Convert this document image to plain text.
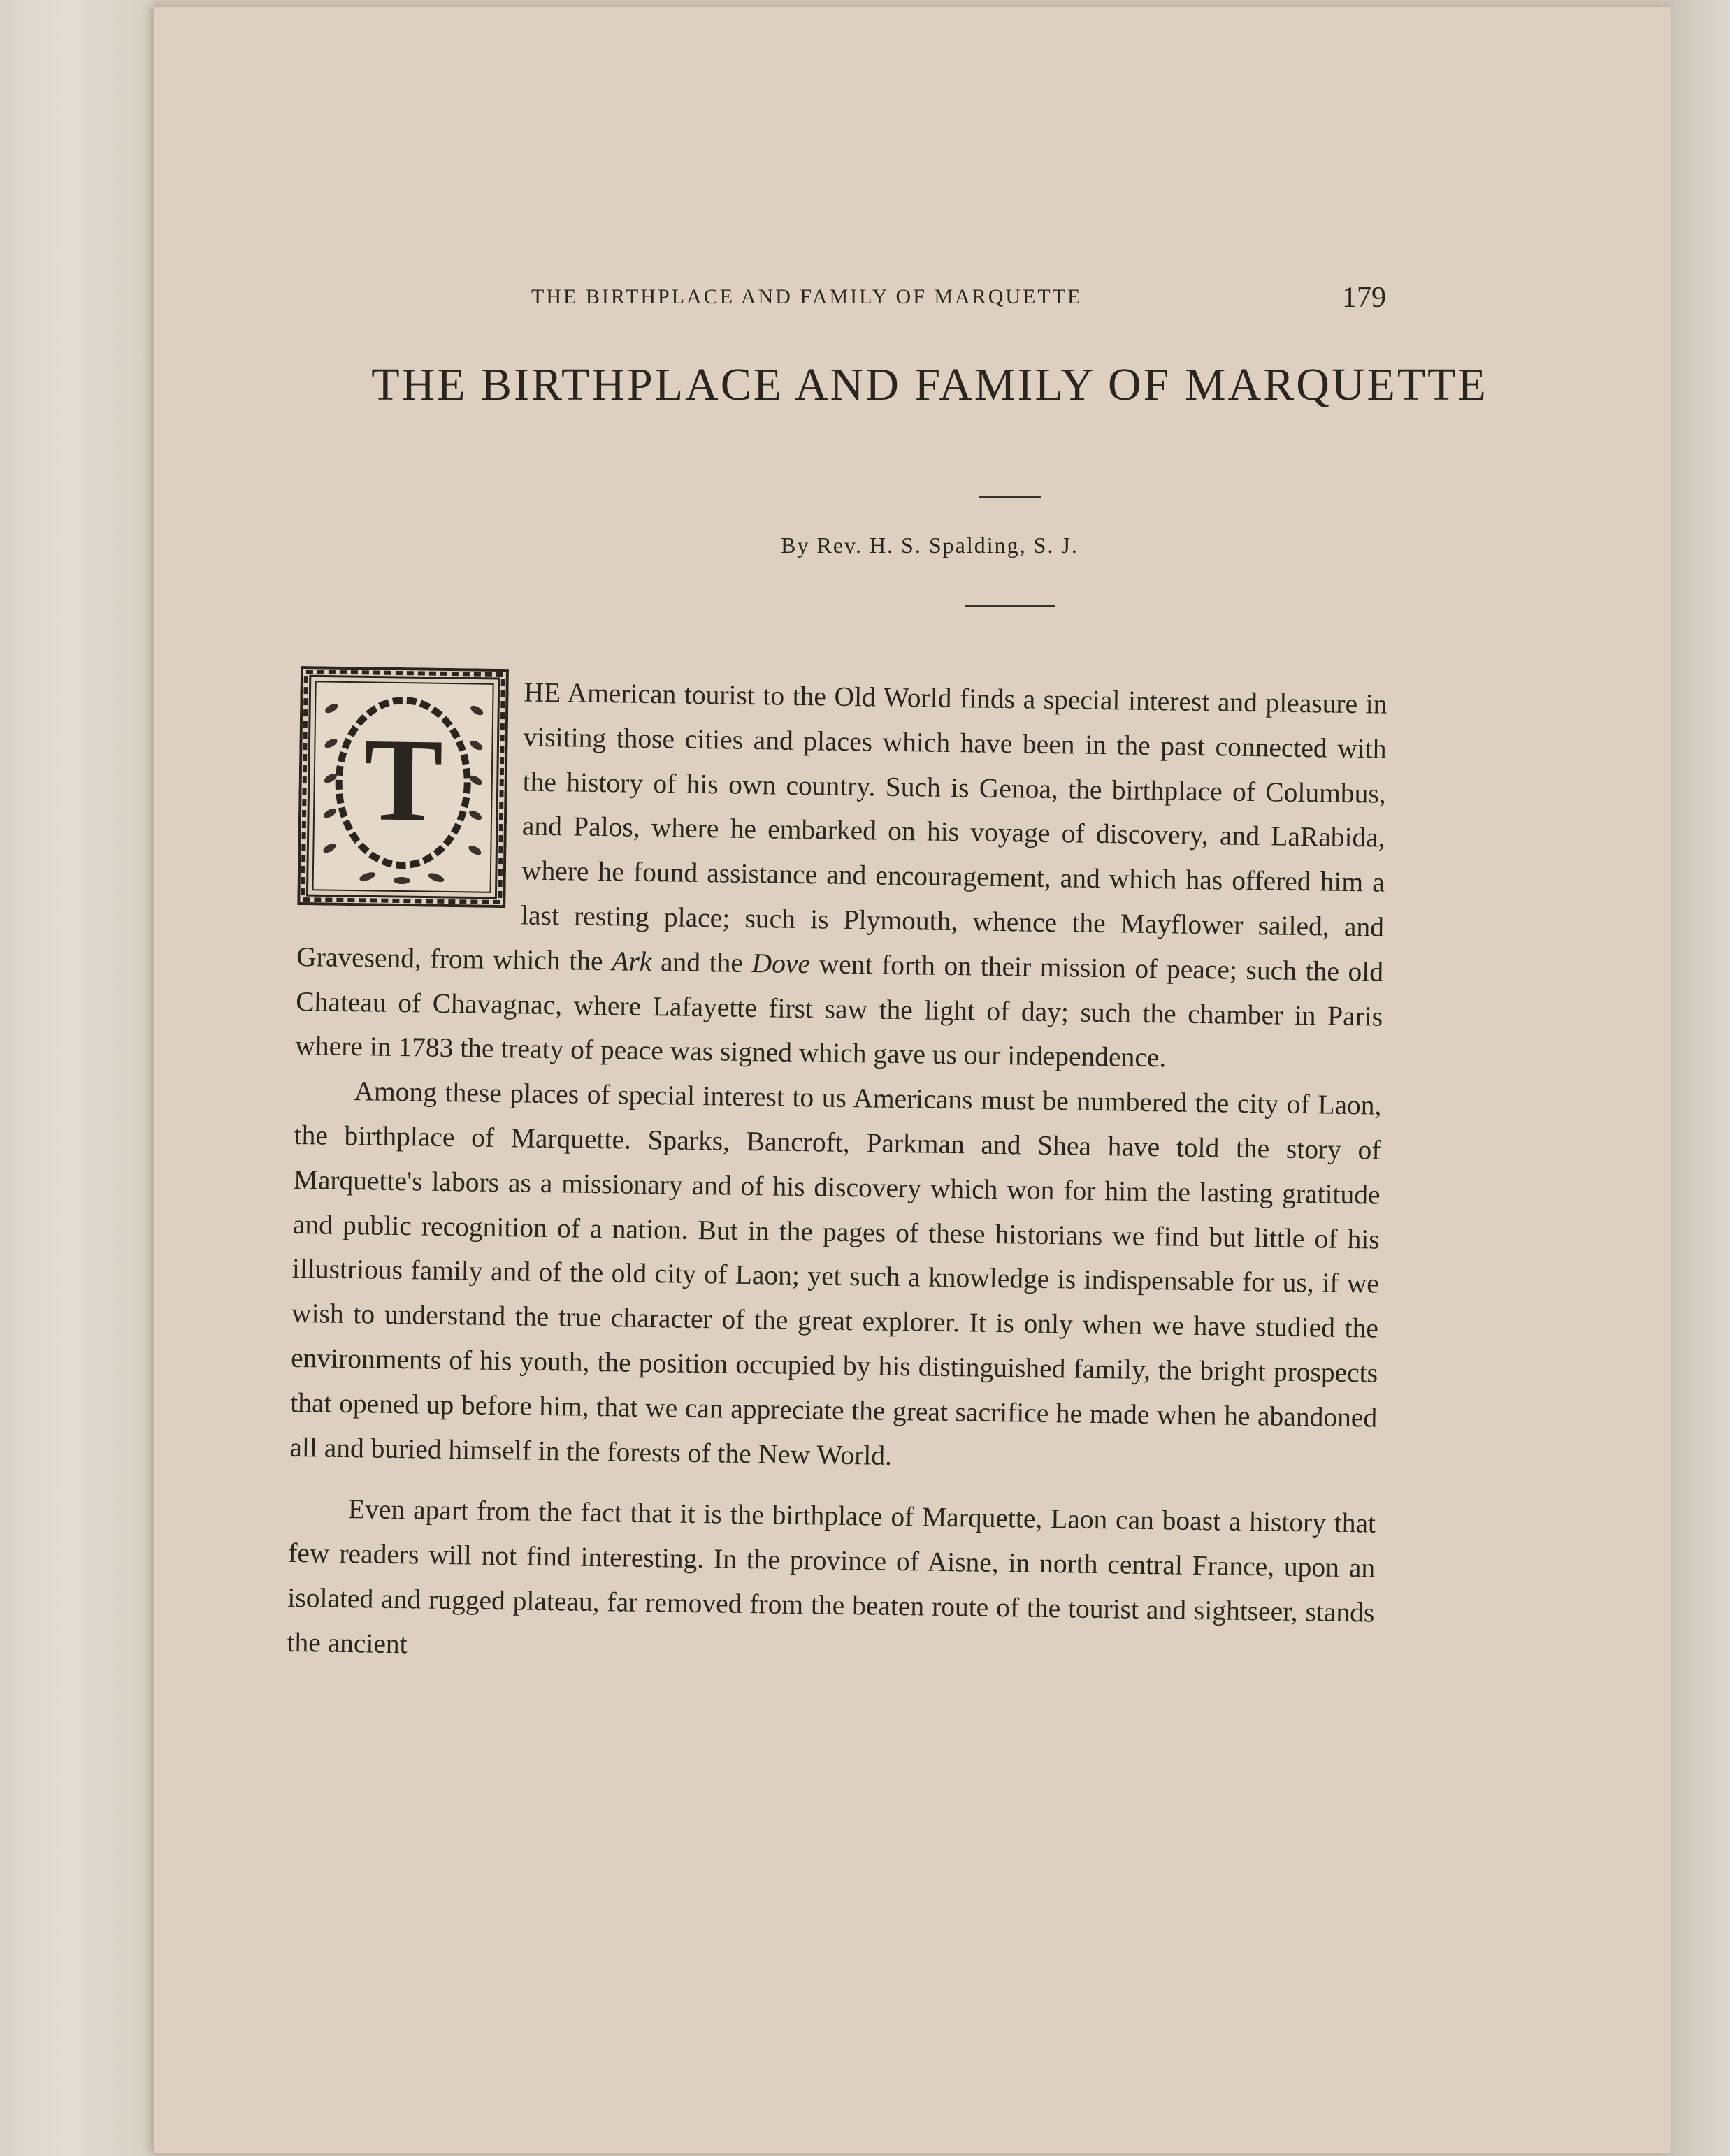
THE BIRTHPLACE AND FAMILY OF MARQUETTE	179
THE BIRTHPLACE AND FAMILY OF MARQUETTE
By Rev. H. S. Spalding, S. J.
T

HE American tourist to the Old World finds a special interest and pleasure in visiting those cities and places which have been in the past connected with the history of his own country. Such is Genoa, the birthplace of Columbus, and Palos, where he embarked on his voyage of discovery, and LaRabida, where he found assistance and encouragement, and which has offered him a last resting place; such is Plymouth, whence the Mayflower sailed, and Gravesend, from which the Ark and the Dove went forth on their mission of peace; such the old Chateau of Chavagnac, where Lafayette first saw the light of day; such the chamber in Paris where in 1783 the treaty of peace was signed which gave us our independence.

Among these places of special interest to us Americans must be numbered the city of Laon, the birthplace of Marquette. Sparks, Bancroft, Parkman and Shea have told the story of Marquette's labors as a missionary and of his discovery which won for him the lasting gratitude and public recognition of a nation. But in the pages of these historians we find but little of his illustrious family and of the old city of Laon; yet such a knowledge is indispensable for us, if we wish to understand the true character of the great explorer. It is only when we have studied the environments of his youth, the position occupied by his distinguished family, the bright prospects that opened up before him, that we can appreciate the great sacrifice he made when he abandoned all and buried himself in the forests of the New World.

Even apart from the fact that it is the birthplace of Marquette, Laon can boast a history that few readers will not find interesting. In the province of Aisne, in north central France, upon an isolated and rugged plateau, far removed from the beaten route of the tourist and sightseer, stands the ancient
